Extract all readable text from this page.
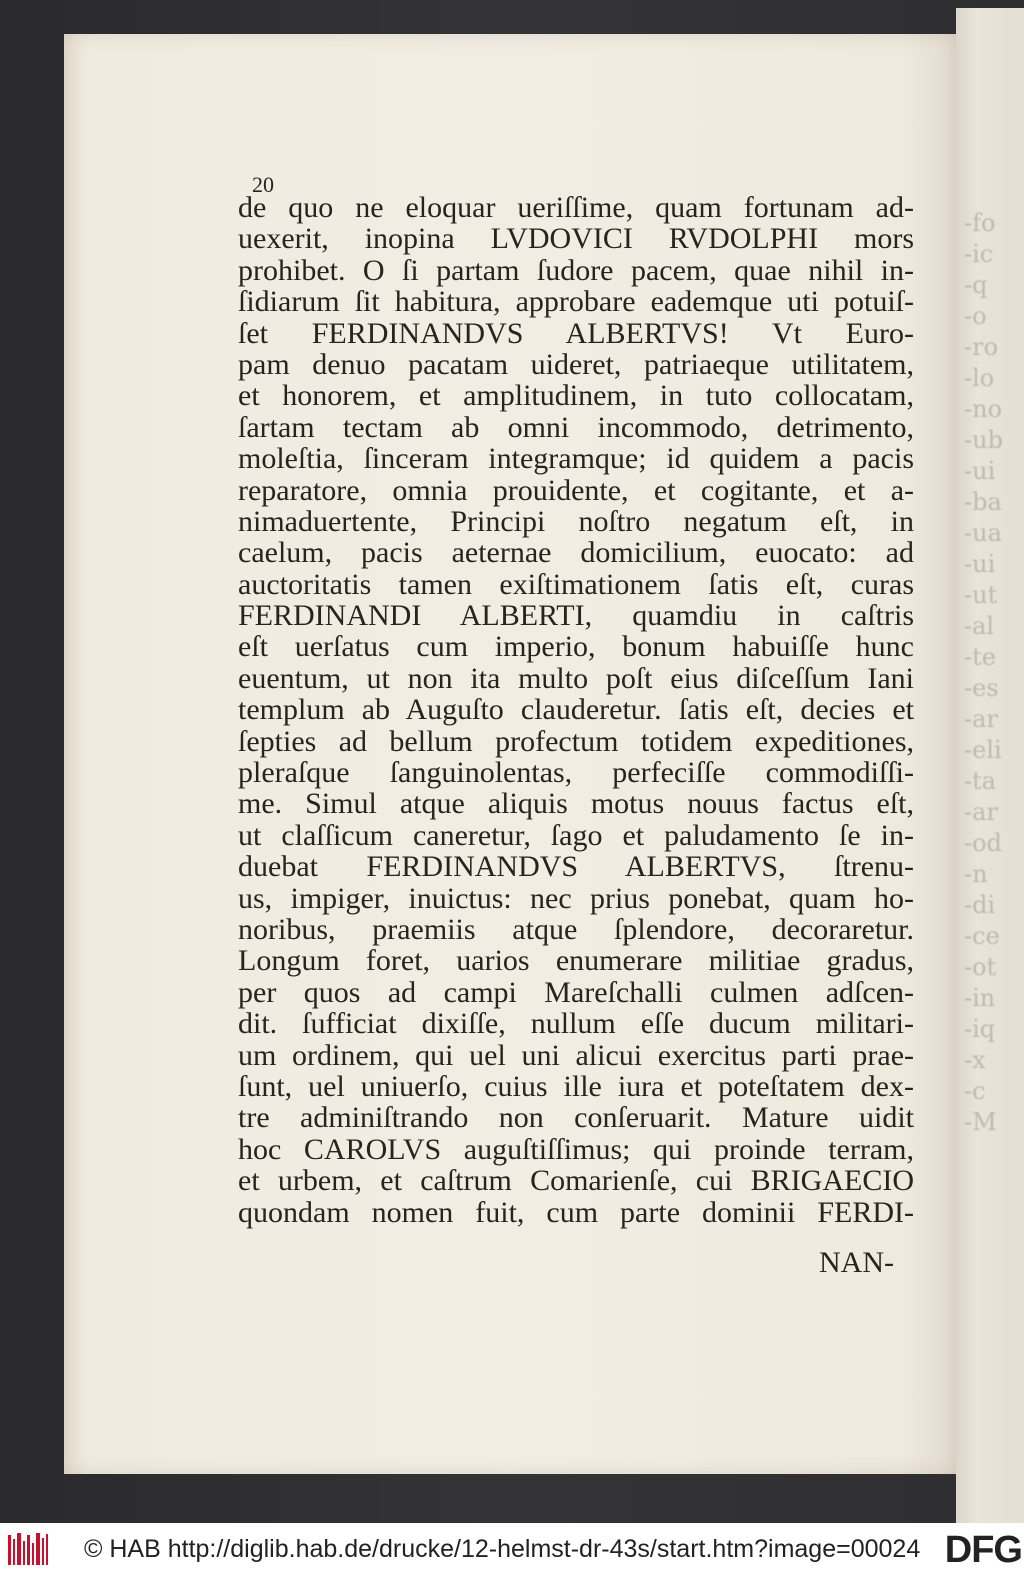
-fo
-ic
-q
-o
-ro
-lo
-no
-ub
-ui
-ba
-ua
-ui
-ut
-al
-te
-es
-ar
-eli
-ta
-ar
-od
-n
-di
-ce
-ot
-in
-iq
-x
-c
-M
20
de quo ne eloquar ueriſſime, quam fortunam ad-
uexerit, inopina LVDOVICI RVDOLPHI mors
prohibet. O ſi partam ſudore pacem, quae nihil in-
ſidiarum ſit habitura, approbare eademque uti potuiſ-
ſet FERDINANDVS ALBERTVS! Vt Euro-
pam denuo pacatam uideret, patriaeque utilitatem,
et honorem, et amplitudinem, in tuto collocatam,
ſartam tectam ab omni incommodo, detrimento,
moleſtia, ſinceram integramque; id quidem a pacis
reparatore, omnia prouidente, et cogitante, et a-
nimaduertente, Principi noſtro negatum eſt, in
caelum, pacis aeternae domicilium, euocato: ad
auctoritatis tamen exiſtimationem ſatis eſt, curas
FERDINANDI ALBERTI, quamdiu in caſtris
eſt uerſatus cum imperio, bonum habuiſſe hunc
euentum, ut non ita multo poſt eius diſceſſum Iani
templum ab Auguſto clauderetur. ſatis eſt, decies et
ſepties ad bellum profectum totidem expeditiones,
pleraſque ſanguinolentas, perfeciſſe commodiſſi-
me. Simul atque aliquis motus nouus factus eſt,
ut claſſicum caneretur, ſago et paludamento ſe in-
duebat FERDINANDVS ALBERTVS, ſtrenu-
us, impiger, inuictus: nec prius ponebat, quam ho-
noribus, praemiis atque ſplendore, decoraretur.
Longum foret, uarios enumerare militiae gradus,
per quos ad campi Mareſchalli culmen adſcen-
dit. ſufficiat dixiſſe, nullum eſſe ducum militari-
um ordinem, qui uel uni alicui exercitus parti prae-
ſunt, uel uniuerſo, cuius ille iura et poteſtatem dex-
tre adminiſtrando non conſeruarit. Mature uidit
hoc CAROLVS auguſtiſſimus; qui proinde terram,
et urbem, et caſtrum Comarienſe, cui BRIGAECIO
quondam nomen fuit, cum parte dominii FERDI-
NAN-
© HAB http://diglib.hab.de/drucke/12-helmst-dr-43s/start.htm?image=00024 DFG
